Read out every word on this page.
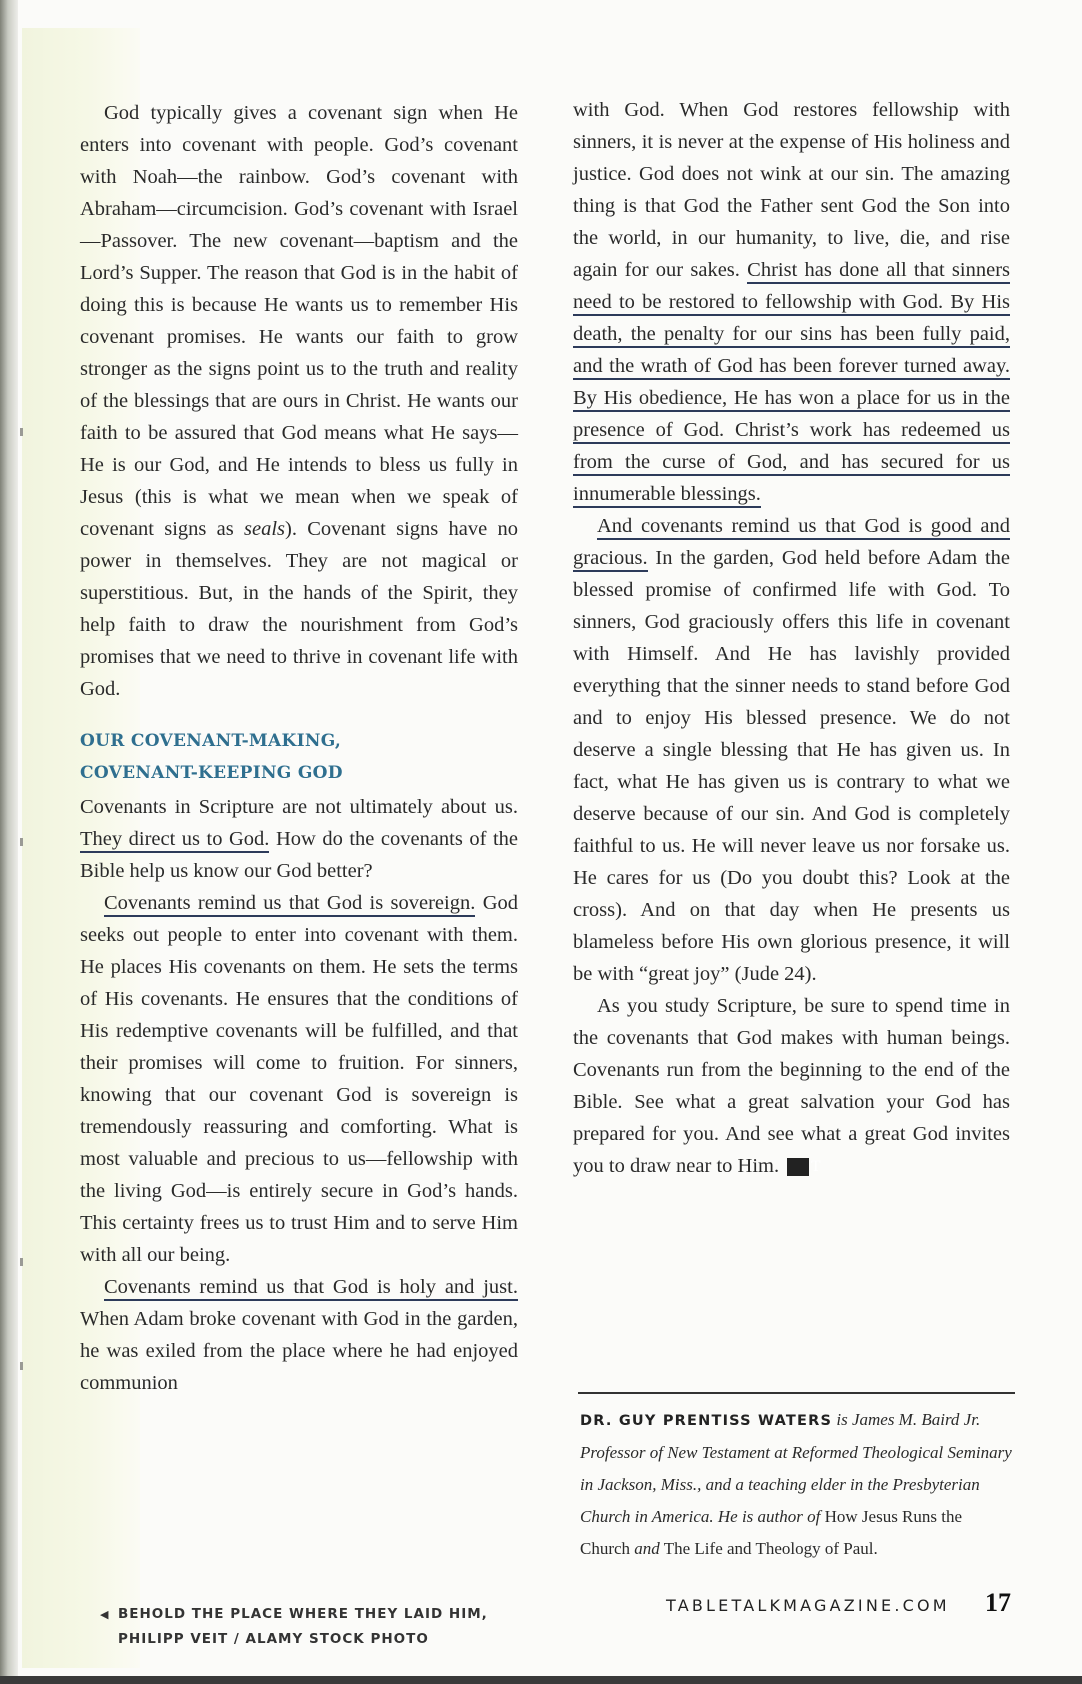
God typically gives a covenant sign when He enters into covenant with people. God’s covenant with Noah—the rainbow. God’s covenant with Abraham—circumcision. God’s covenant with Israel—Passover. The new covenant—baptism and the Lord’s Supper. The reason that God is in the habit of doing this is because He wants us to remember His covenant promises. He wants our faith to grow stronger as the signs point us to the truth and reality of the blessings that are ours in Christ. He wants our faith to be assured that God means what He says—He is our God, and He intends to bless us fully in Jesus (this is what we mean when we speak of covenant signs as seals). Covenant signs have no power in themselves. They are not magical or superstitious. But, in the hands of the Spirit, they help faith to draw the nourishment from God’s promises that we need to thrive in covenant life with God.

OUR COVENANT-MAKING,
COVENANT-KEEPING GOD

Covenants in Scripture are not ultimately about us. They direct us to God. How do the covenants of the Bible help us know our God better?

Covenants remind us that God is sovereign. God seeks out people to enter into covenant with them. He places His covenants on them. He sets the terms of His covenants. He ensures that the conditions of His redemptive covenants will be fulfilled, and that their promises will come to fruition. For sinners, knowing that our covenant God is sovereign is tremendously reassuring and comforting. What is most valuable and precious to us—fellowship with the living God—is entirely secure in God’s hands. This certainty frees us to trust Him and to serve Him with all our being.

Covenants remind us that God is holy and just. When Adam broke covenant with God in the garden, he was exiled from the place where he had enjoyed communion

with God. When God restores fellowship with sinners, it is never at the expense of His holiness and justice. God does not wink at our sin. The amazing thing is that God the Father sent God the Son into the world, in our humanity, to live, die, and rise again for our sakes. Christ has done all that sinners need to be restored to fellowship with God. By His death, the penalty for our sins has been fully paid, and the wrath of God has been forever turned away. By His obedience, He has won a place for us in the presence of God. Christ’s work has redeemed us from the curse of God, and has secured for us innumerable blessings.

And covenants remind us that God is good and gracious. In the garden, God held before Adam the blessed promise of confirmed life with God. To sinners, God graciously offers this life in covenant with Himself. And He has lavishly provided everything that the sinner needs to stand before God and to enjoy His blessed presence. We do not deserve a single blessing that He has given us. In fact, what He has given us is contrary to what we deserve because of our sin. And God is completely faithful to us. He will never leave us nor forsake us. He cares for us (Do you doubt this? Look at the cross). And on that day when He presents us blameless before His own glorious presence, it will be with “great joy” (Jude 24).

As you study Scripture, be sure to spend time in the covenants that God makes with human beings. Covenants run from the beginning to the end of the Bible. See what a great salvation your God has prepared for you. And see what a great God invites you to draw near to Him. T

DR. GUY PRENTISS WATERS is James M. Baird Jr. Professor of New Testament at Reformed Theological Seminary in Jackson, Miss., and a teaching elder in the Presbyterian Church in America. He is author of How Jesus Runs the Church and The Life and Theology of Paul.
◀ BEHOLD THE PLACE WHERE THEY LAID HIM,
PHILIPP VEIT / ALAMY STOCK PHOTO
TABLETALKMAGAZINE.COM 17
